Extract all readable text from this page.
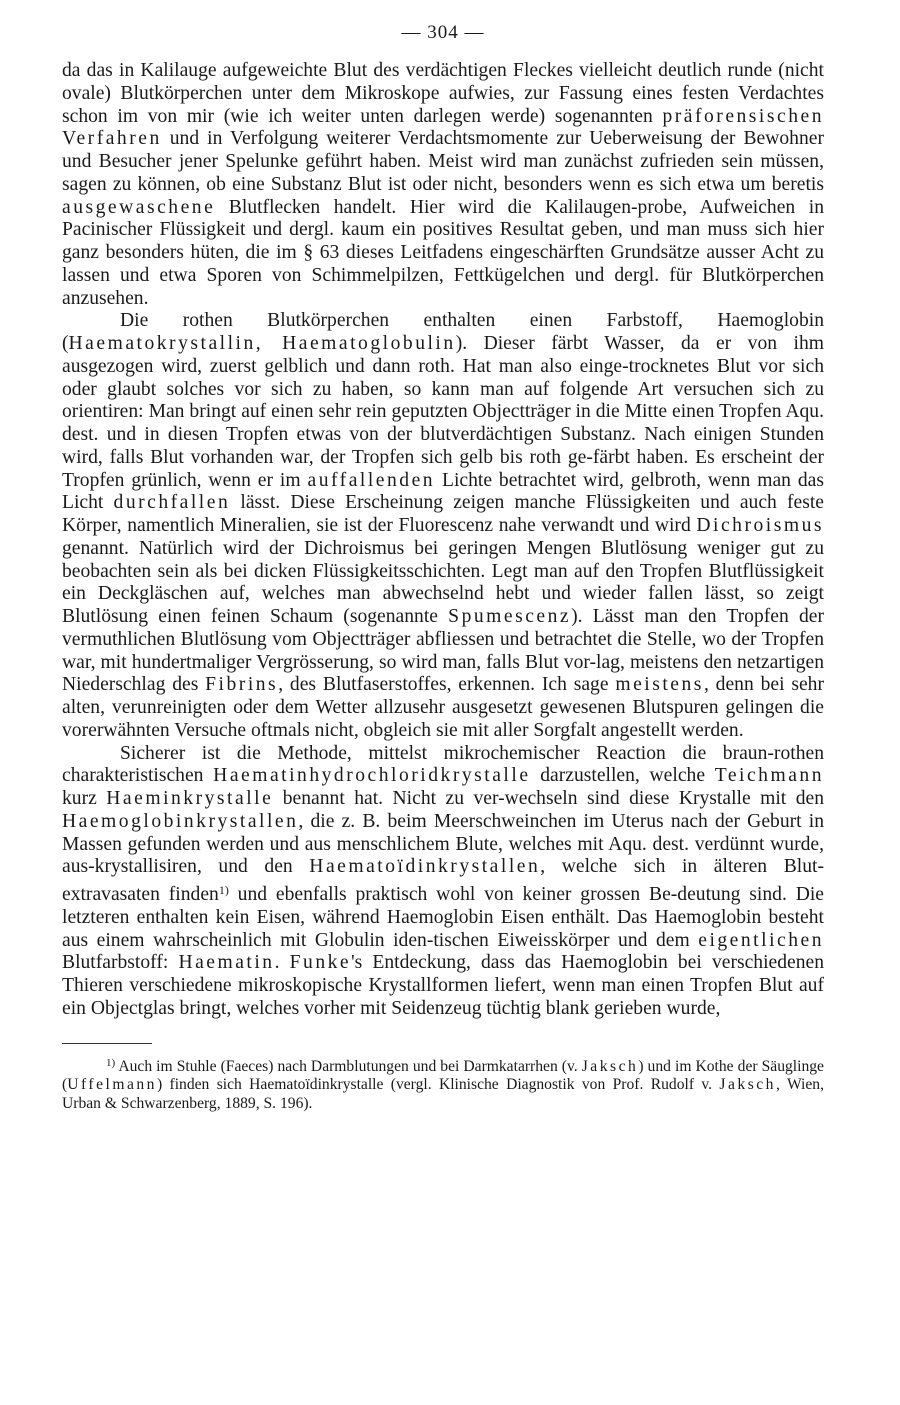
— 304 —

da das in Kalilauge aufgeweichte Blut des verdächtigen Fleckes vielleicht deutlich runde (nicht ovale) Blutkörperchen unter dem Mikroskope aufwies, zur Fassung eines festen Verdachtes schon im von mir (wie ich weiter unten darlegen werde) sogenannten präforensischen Verfahren und in Verfolgung weiterer Verdachtsmomente zur Ueberweisung der Bewohner und Besucher jener Spelunke geführt haben. Meist wird man zunächst zufrieden sein müssen, sagen zu können, ob eine Substanz Blut ist oder nicht, besonders wenn es sich etwa um beretis ausgewaschene Blutflecken handelt. Hier wird die Kalilaugen-probe, Aufweichen in Pacinischer Flüssigkeit und dergl. kaum ein positives Resultat geben, und man muss sich hier ganz besonders hüten, die im § 63 dieses Leitfadens eingeschärften Grundsätze ausser Acht zu lassen und etwa Sporen von Schimmelpilzen, Fettkügelchen und dergl. für Blutkörperchen anzusehen.

Die rothen Blutkörperchen enthalten einen Farbstoff, Haemoglobin (Haematokrystallin, Haematoglobulin). Dieser färbt Wasser, da er von ihm ausgezogen wird, zuerst gelblich und dann roth. Hat man also einge-trocknetes Blut vor sich oder glaubt solches vor sich zu haben, so kann man auf folgende Art versuchen sich zu orientiren: Man bringt auf einen sehr rein geputzten Objectträger in die Mitte einen Tropfen Aqu. dest. und in diesen Tropfen etwas von der blutverdächtigen Substanz. Nach einigen Stunden wird, falls Blut vorhanden war, der Tropfen sich gelb bis roth ge-färbt haben. Es erscheint der Tropfen grünlich, wenn er im auffallenden Lichte betrachtet wird, gelbroth, wenn man das Licht durchfallen lässt. Diese Erscheinung zeigen manche Flüssigkeiten und auch feste Körper, namentlich Mineralien, sie ist der Fluorescenz nahe verwandt und wird Dichroismus genannt. Natürlich wird der Dichroismus bei geringen Mengen Blutlösung weniger gut zu beobachten sein als bei dicken Flüssigkeitsschichten. Legt man auf den Tropfen Blutflüssigkeit ein Deckgläschen auf, welches man abwechselnd hebt und wieder fallen lässt, so zeigt Blutlösung einen feinen Schaum (sogenannte Spumescenz). Lässt man den Tropfen der vermuthlichen Blutlösung vom Objectträger abfliessen und betrachtet die Stelle, wo der Tropfen war, mit hundertmaliger Vergrösserung, so wird man, falls Blut vor-lag, meistens den netzartigen Niederschlag des Fibrins, des Blutfaserstoffes, erkennen. Ich sage meistens, denn bei sehr alten, verunreinigten oder dem Wetter allzusehr ausgesetzt gewesenen Blutspuren gelingen die vorerwähnten Versuche oftmals nicht, obgleich sie mit aller Sorgfalt angestellt werden.

Sicherer ist die Methode, mittelst mikrochemischer Reaction die braun-rothen charakteristischen Haematinhydrochloridkrystalle darzustellen, welche Teichmann kurz Haeminkrystalle benannt hat. Nicht zu ver-wechseln sind diese Krystalle mit den Haemoglobinkrystallen, die z. B. beim Meerschweinchen im Uterus nach der Geburt in Massen gefunden werden und aus menschlichem Blute, welches mit Aqu. dest. verdünnt wurde, aus-krystallisiren, und den Haematoïdinkrystallen, welche sich in älteren Blut-extravasaten finden$^{1)}$ und ebenfalls praktisch wohl von keiner grossen Be-deutung sind. Die letzteren enthalten kein Eisen, während Haemoglobin Eisen enthält. Das Haemoglobin besteht aus einem wahrscheinlich mit Globulin iden-tischen Eiweisskörper und dem eigentlichen Blutfarbstoff: Haematin. Funke's Entdeckung, dass das Haemoglobin bei verschiedenen Thieren verschiedene mikroskopische Krystallformen liefert, wenn man einen Tropfen Blut auf ein Objectglas bringt, welches vorher mit Seidenzeug tüchtig blank gerieben wurde,

1) Auch im Stuhle (Faeces) nach Darmblutungen und bei Darmkatarrhen (v. Jaksch) und im Kothe der Säuglinge (Uffelmann) finden sich Haematoïdinkrystalle (vergl. Klinische Diagnostik von Prof. Rudolf v. Jaksch, Wien, Urban & Schwarzenberg, 1889, S. 196).
